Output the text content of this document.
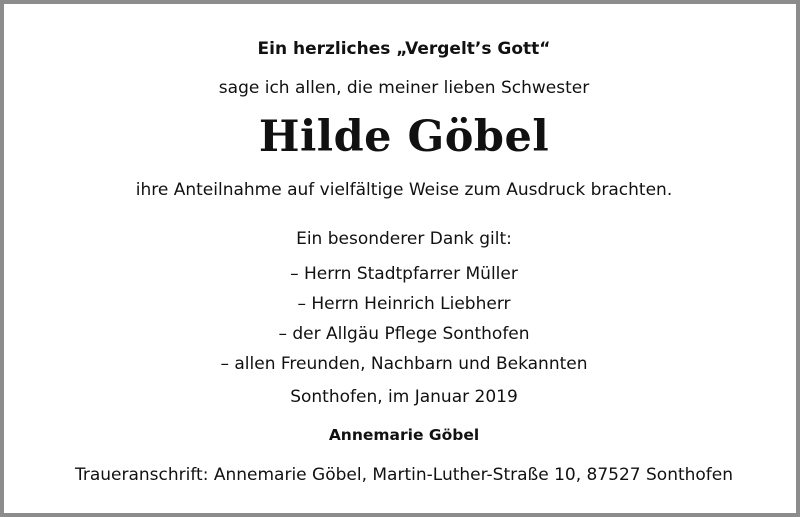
Ein herzliches „Vergelt’s Gott“
sage ich allen, die meiner lieben Schwester
Hilde Göbel
ihre Anteilnahme auf vielfältige Weise zum Ausdruck brachten.
Ein besonderer Dank gilt:
– Herrn Stadtpfarrer Müller
– Herrn Heinrich Liebherr
– der Allgäu Pflege Sonthofen
– allen Freunden, Nachbarn und Bekannten
Sonthofen, im Januar 2019
Annemarie Göbel
Traueranschrift: Annemarie Göbel, Martin-Luther-Straße 10, 87527 Sonthofen
